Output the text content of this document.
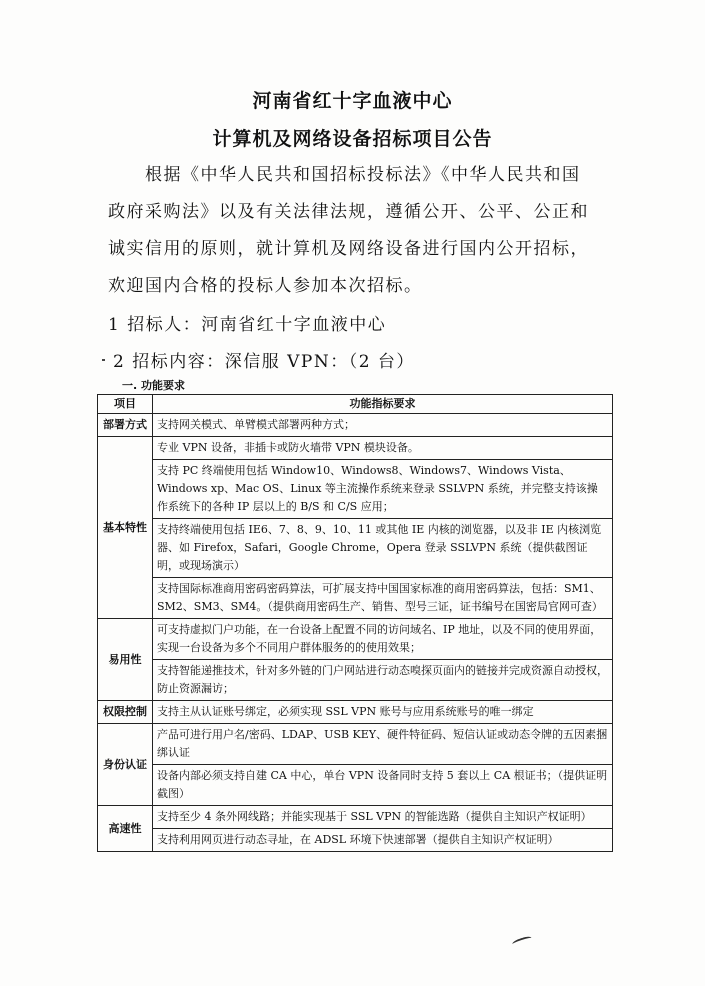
河南省红十字血液中心
计算机及网络设备招标项目公告
根据《中华人民共和国招标投标法》《中华人民共和国
政府采购法》以及有关法律法规，遵循公开、公平、公正和
诚实信用的原则，就计算机及网络设备进行国内公开招标，
欢迎国内合格的投标人参加本次招标。
1 招标人：河南省红十字血液中心
2 招标内容：深信服 VPN：（2 台）
一. 功能要求
项目	功能指标要求
部署方式	支持网关模式、单臂模式部署两种方式；
基本特性	专业 VPN 设备，非插卡或防火墙带 VPN 模块设备。
	支持 PC 终端使用包括 Window10、Windows8、Windows7、Windows Vista、Windows xp、Mac OS、Linux 等主流操作系统来登录 SSLVPN 系统，并完整支持该操作系统下的各种 IP 层以上的 B/S 和 C/S 应用；
	支持终端使用包括 IE6、7、8、9、10、11 或其他 IE 内核的浏览器，以及非 IE 内核浏览器、如 Firefox，Safari，Google Chrome，Opera 登录 SSLVPN 系统（提供截图证明，或现场演示）
	支持国际标准商用密码密码算法，可扩展支持中国国家标准的商用密码算法，包括：SM1、SM2、SM3、SM4。（提供商用密码生产、销售、型号三证，证书编号在国密局官网可查）
易用性	可支持虚拟门户功能，在一台设备上配置不同的访问域名、IP 地址，以及不同的使用界面，实现一台设备为多个不同用户群体服务的的使用效果；
	支持智能递推技术，针对多外链的门户网站进行动态嗅探页面内的链接并完成资源自动授权，防止资源漏访；
权限控制	支持主从认证账号绑定，必须实现 SSL VPN 账号与应用系统账号的唯一绑定
身份认证	产品可进行用户名/密码、LDAP、USB KEY、硬件特征码、短信认证或动态令牌的五因素捆绑认证
	设备内部必须支持自建 CA 中心，单台 VPN 设备同时支持 5 套以上 CA 根证书；（提供证明截图）
高速性	支持至少 4 条外网线路；并能实现基于 SSL VPN 的智能选路（提供自主知识产权证明）
	支持利用网页进行动态寻址，在 ADSL 环境下快速部署（提供自主知识产权证明）
